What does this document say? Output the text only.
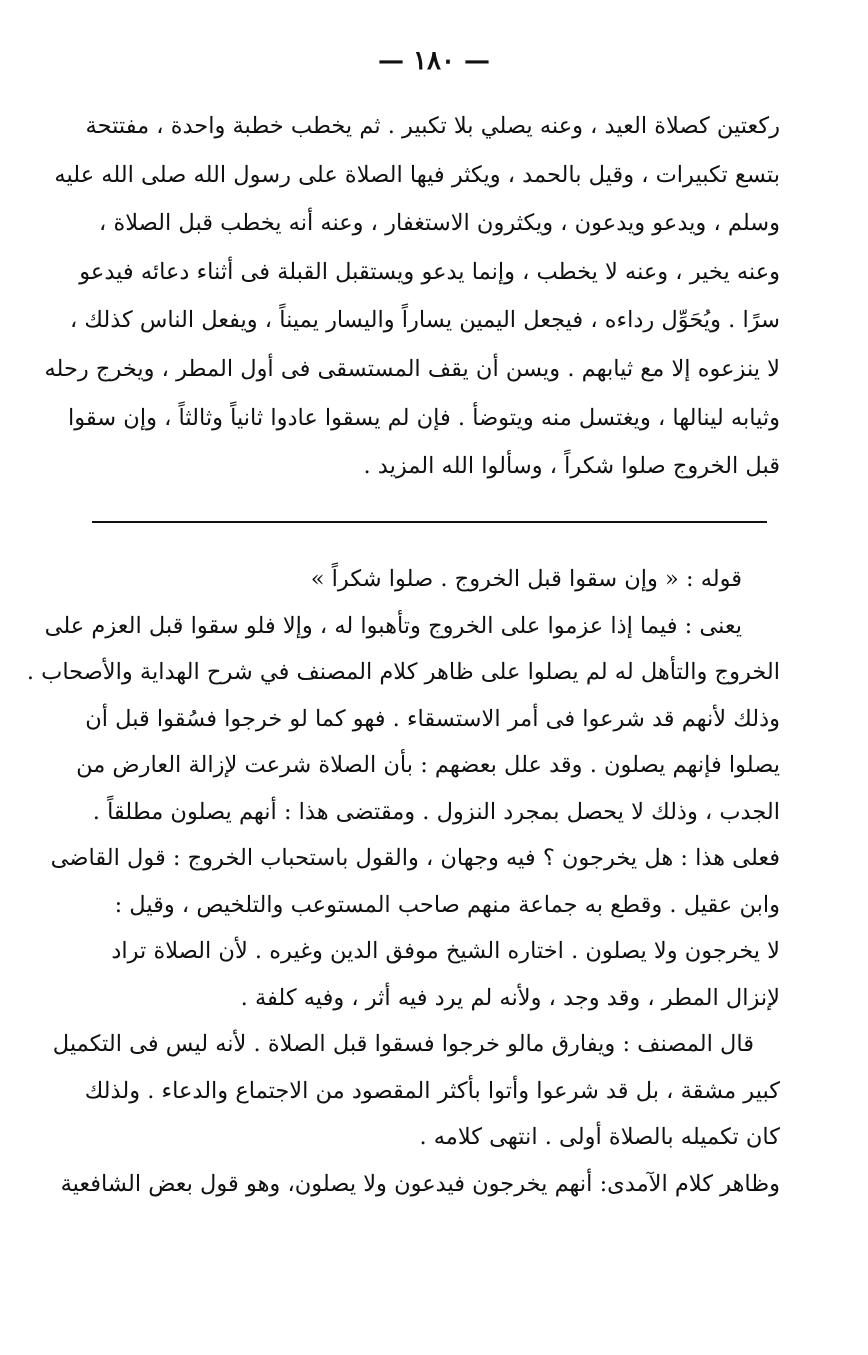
— ١٨٠ —
ركعتين كصلاة العيد ، وعنه يصلي بلا تكبير . ثم يخطب خطبة واحدة ، مفتتحة
بتسع تكبيرات ، وقيل بالحمد ، ويكثر فيها الصلاة على رسول الله صلى الله عليه
وسلم ، ويدعو ويدعون ، ويكثرون الاستغفار ، وعنه أنه يخطب قبل الصلاة ،
وعنه يخير ، وعنه لا يخطب ، وإنما يدعو ويستقبل القبلة فى أثناء دعائه فيدعو
سرًا . ويُحَوِّل رداءه ، فيجعل اليمين يساراً واليسار يميناً ، ويفعل الناس كذلك ،
لا ينزعوه إلا مع ثيابهم . ويسن أن يقف المستسقى فى أول المطر ، ويخرج رحله
وثيابه لينالها ، ويغتسل منه ويتوضأ . فإن لم يسقوا عادوا ثانياً وثالثاً ، وإن سقوا
قبل الخروج صلوا شكراً ، وسألوا الله المزيد .
قوله : « وإن سقوا قبل الخروج . صلوا شكراً »
يعنى : فيما إذا عزموا على الخروج وتأهبوا له ، وإلا فلو سقوا قبل العزم على
الخروج والتأهل له لم يصلوا على ظاهر كلام المصنف في شرح الهداية والأصحاب .
وذلك لأنهم قد شرعوا فى أمر الاستسقاء . فهو كما لو خرجوا فسُقوا قبل أن
يصلوا فإنهم يصلون . وقد علل بعضهم : بأن الصلاة شرعت لإزالة العارض من
الجدب ، وذلك لا يحصل بمجرد النزول . ومقتضى هذا : أنهم يصلون مطلقاً .
فعلى هذا : هل يخرجون ؟ فيه وجهان ، والقول باستحباب الخروج : قول القاضى
وابن عقيل . وقطع به جماعة منهم صاحب المستوعب والتلخيص ، وقيل :
لا يخرجون ولا يصلون . اختاره الشيخ موفق الدين وغيره . لأن الصلاة تراد
لإنزال المطر ، وقد وجد ، ولأنه لم يرد فيه أثر ، وفيه كلفة .
قال المصنف : ويفارق مالو خرجوا فسقوا قبل الصلاة . لأنه ليس فى التكميل
كبير مشقة ، بل قد شرعوا وأتوا بأكثر المقصود من الاجتماع والدعاء . ولذلك
كان تكميله بالصلاة أولى . انتهى كلامه .
وظاهر كلام الآمدى: أنهم يخرجون فيدعون ولا يصلون، وهو قول بعض الشافعية
